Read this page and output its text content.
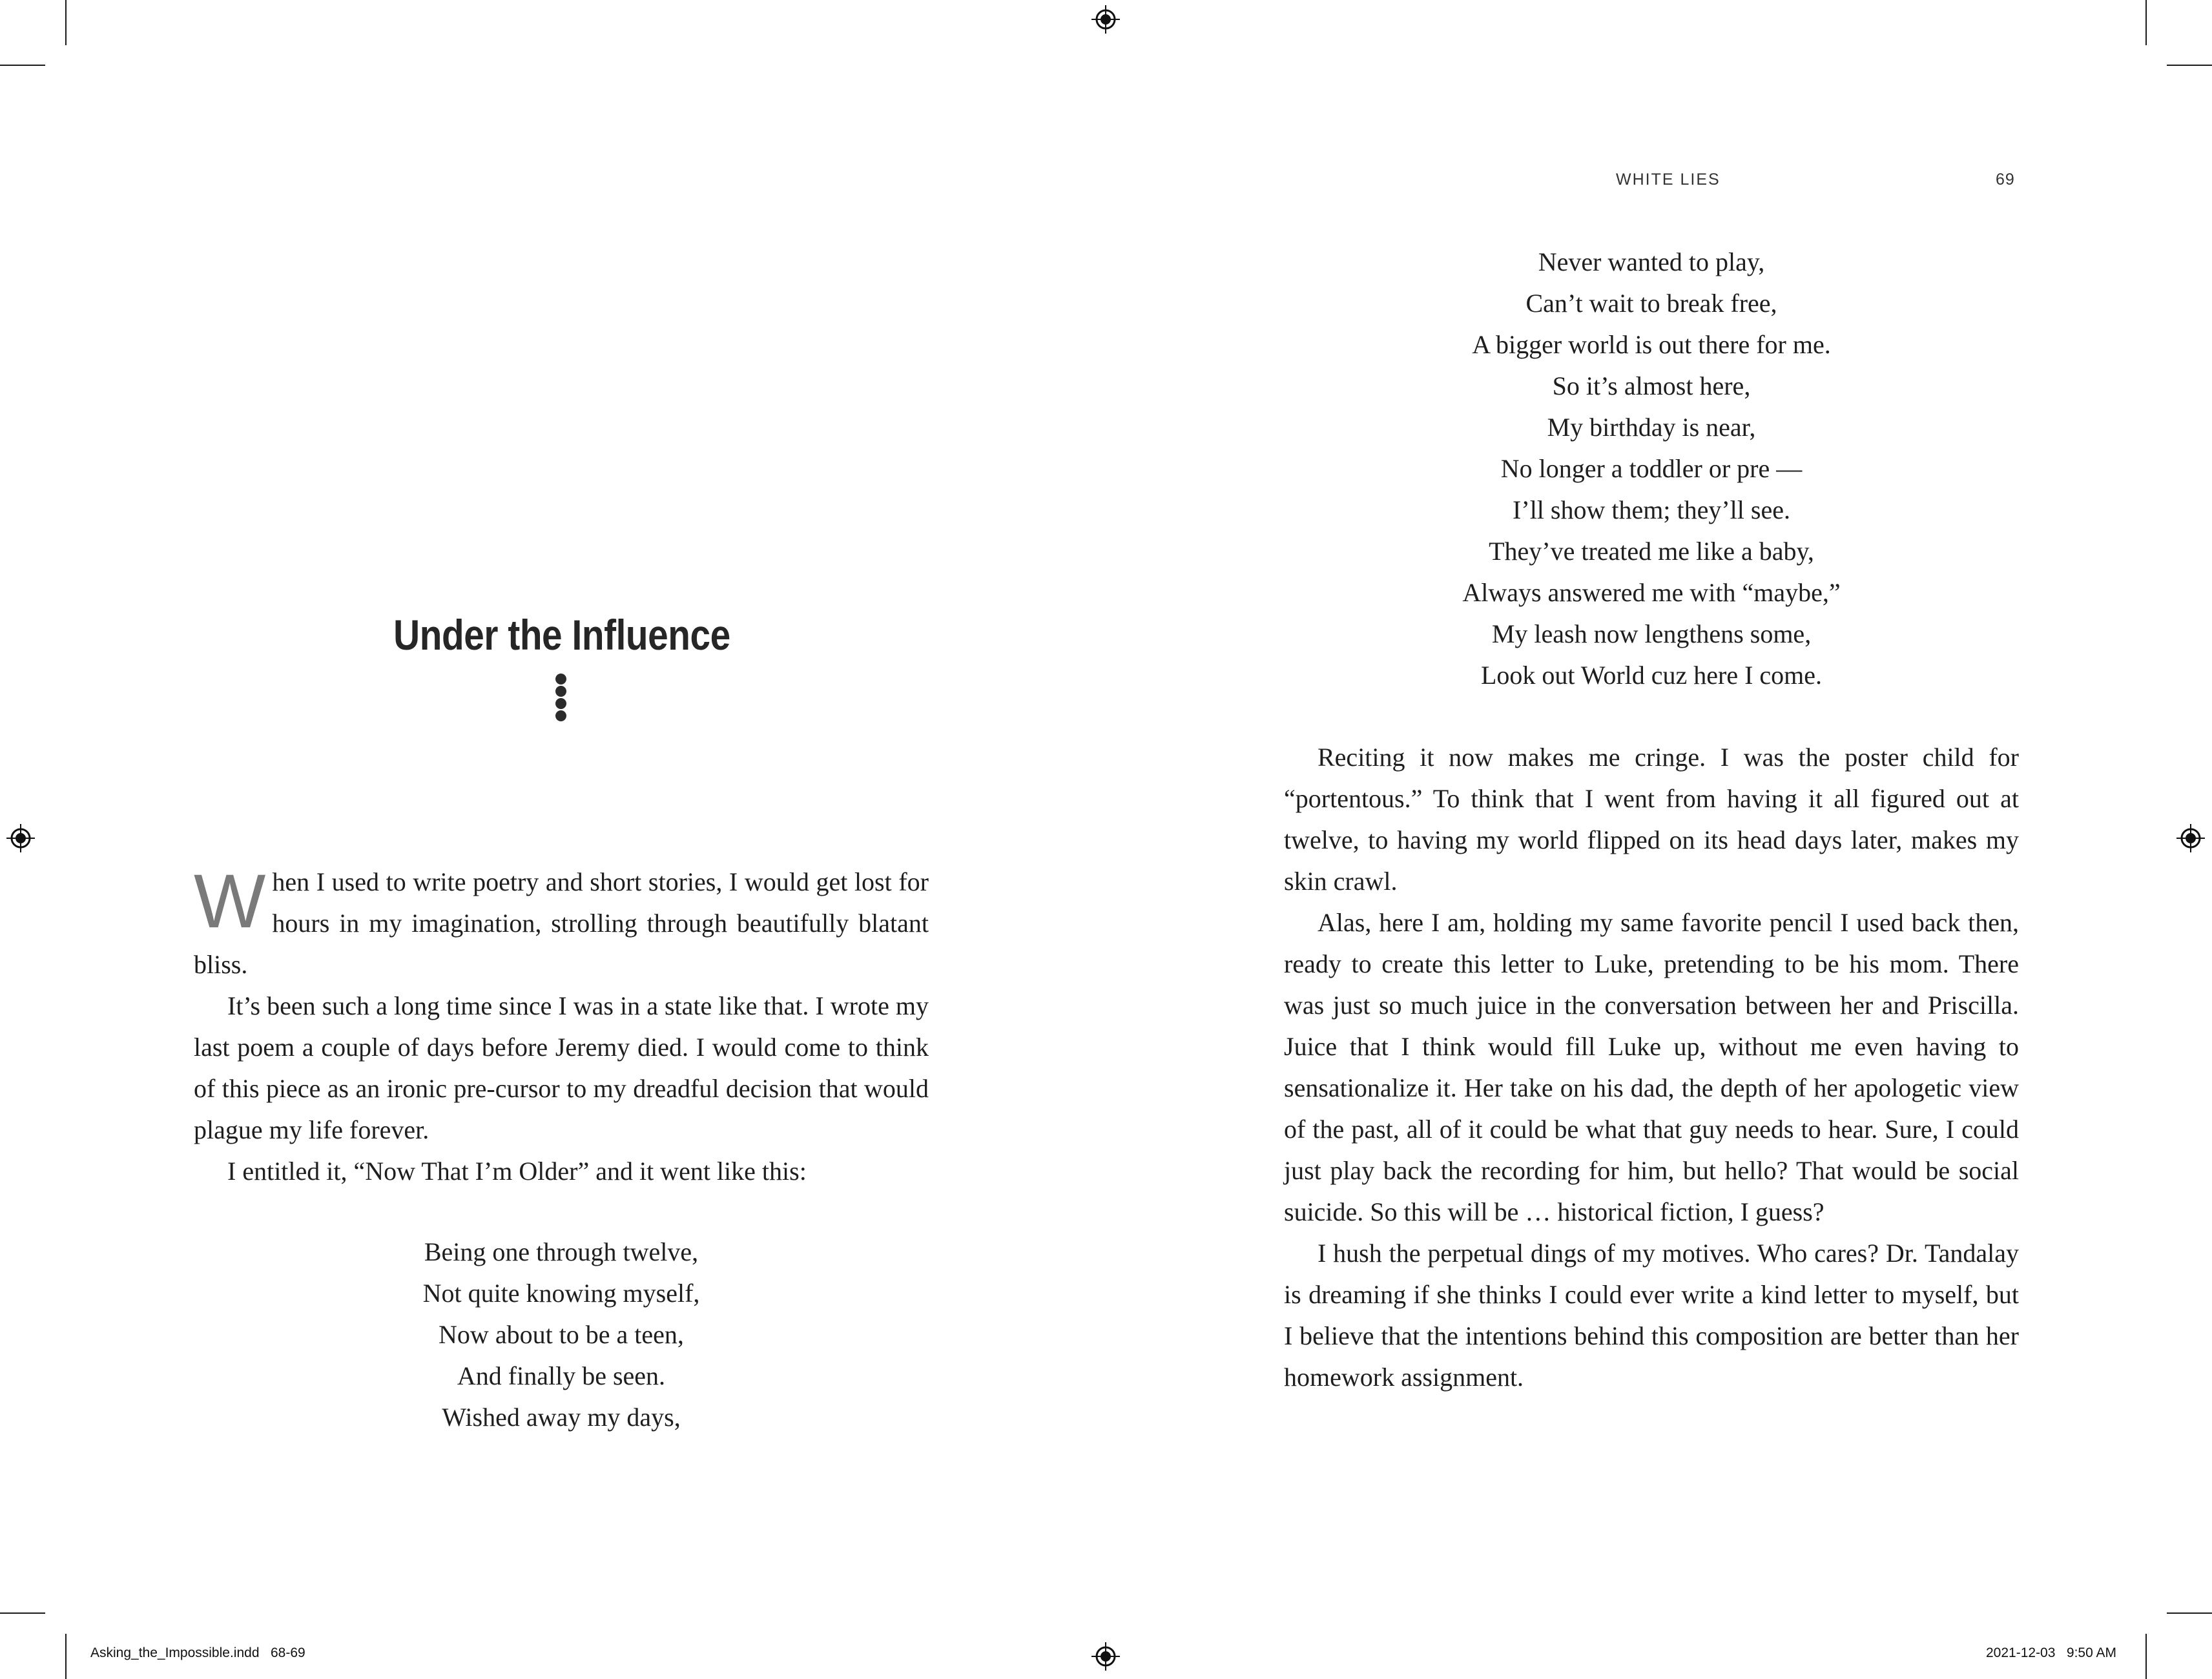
WHITE LIES	69
Under the Influence

When I used to write poetry and short stories, I would get lost for hours in my imagination, strolling through beautifully blatant bliss.

It’s been such a long time since I was in a state like that. I wrote my last poem a couple of days before Jeremy died. I would come to think of this piece as an ironic pre-cursor to my dreadful decision that would plague my life forever.

I entitled it, “Now That I’m Older” and it went like this:

Being one through twelve,
Not quite knowing myself,
Now about to be a teen,
And finally be seen.
Wished away my days,
Never wanted to play,
Can’t wait to break free,
A bigger world is out there for me.
So it’s almost here,
My birthday is near,
No longer a toddler or pre —
I’ll show them; they’ll see.
They’ve treated me like a baby,
Always answered me with “maybe,”
My leash now lengthens some,
Look out World cuz here I come.

Reciting it now makes me cringe. I was the poster child for “portentous.” To think that I went from having it all figured out at twelve, to having my world flipped on its head days later, makes my skin crawl.

Alas, here I am, holding my same favorite pencil I used back then, ready to create this letter to Luke, pretending to be his mom. There was just so much juice in the conversation between her and Priscilla. Juice that I think would fill Luke up, without me even having to sensationalize it. Her take on his dad, the depth of her apologetic view of the past, all of it could be what that guy needs to hear. Sure, I could just play back the recording for him, but hello? That would be social suicide. So this will be … historical fiction, I guess?

I hush the perpetual dings of my motives. Who cares? Dr. Tandalay is dreaming if she thinks I could ever write a kind letter to myself, but I believe that the intentions behind this composition are better than her homework assignment.

Asking_the_Impossible.indd   68-69	2021-12-03   9:50 AM
